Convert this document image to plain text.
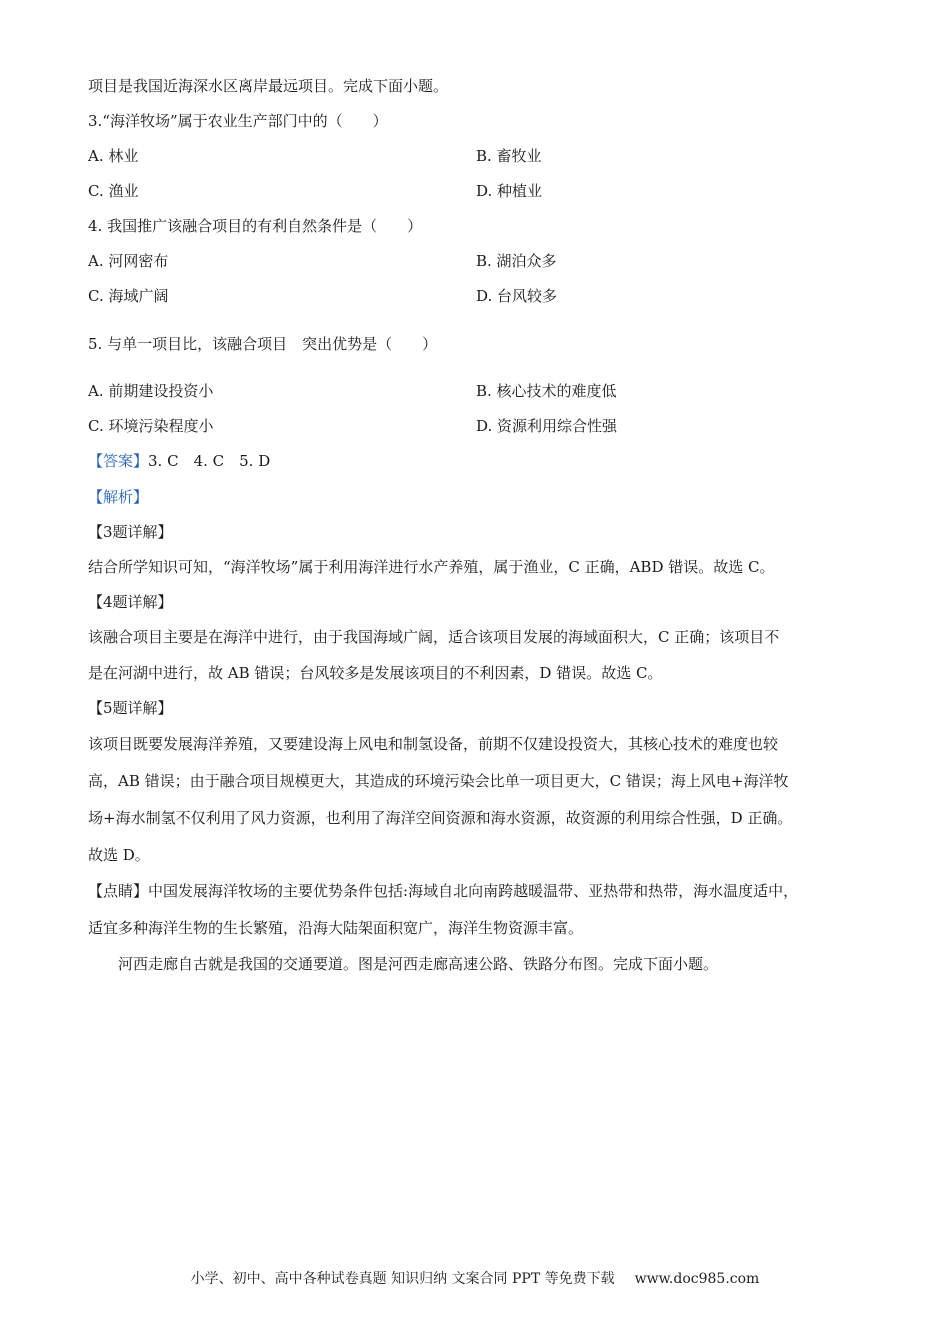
项目是我国近海深水区离岸最远项目。完成下面小题。
3.“海洋牧场”属于农业生产部门中的（　　）
A. 林业	B. 畜牧业
C. 渔业	D. 种植业
4. 我国推广该融合项目的有利自然条件是（　　）
A. 河网密布	B. 湖泊众多
C. 海域广阔	D. 台风较多
5. 与单一项目比，该融合项目　突出优势是（　　）
A. 前期建设投资小	B. 核心技术的难度低
C. 环境污染程度小	D. 资源利用综合性强
【答案】3. C　4. C　5. D
【解析】
【3题详解】
结合所学知识可知，“海洋牧场”属于利用海洋进行水产养殖，属于渔业，C 正确，ABD 错误。故选 C。
【4题详解】
该融合项目主要是在海洋中进行，由于我国海域广阔，适合该项目发展的海域面积大，C 正确；该项目不
是在河湖中进行，故 AB 错误；台风较多是发展该项目的不利因素，D 错误。故选 C。
【5题详解】
该项目既要发展海洋养殖，又要建设海上风电和制氢设备，前期不仅建设投资大，其核心技术的难度也较
高，AB 错误；由于融合项目规模更大，其造成的环境污染会比单一项目更大，C 错误；海上风电+海洋牧
场+海水制氢不仅利用了风力资源，也利用了海洋空间资源和海水资源，故资源的利用综合性强，D 正确。
故选 D。
【点睛】中国发展海洋牧场的主要优势条件包括:海域自北向南跨越暖温带、亚热带和热带，海水温度适中，
适宜多种海洋生物的生长繁殖，沿海大陆架面积宽广，海洋生物资源丰富。
河西走廊自古就是我国的交通要道。图是河西走廊高速公路、铁路分布图。完成下面小题。
小学、初中、高中各种试卷真题 知识归纳 文案合同 PPT 等免费下载 www.doc985.com
